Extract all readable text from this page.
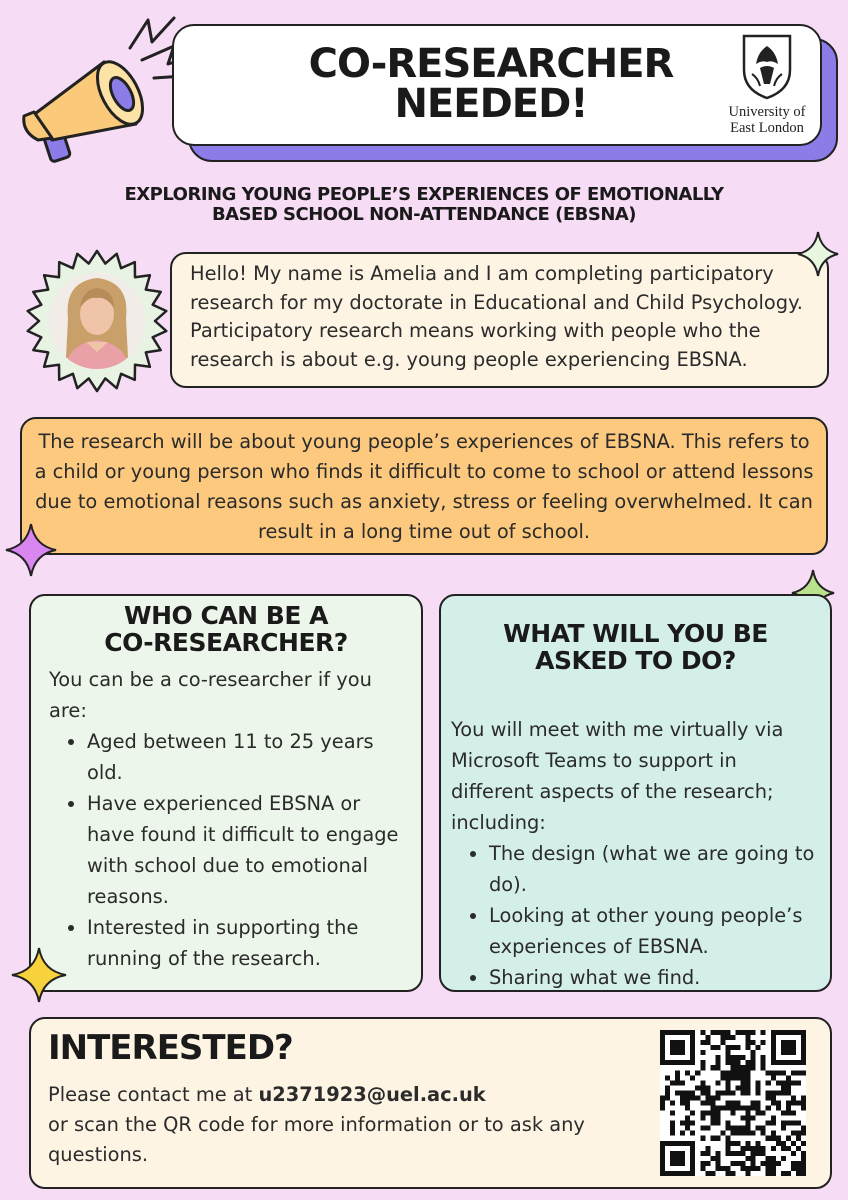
CO-RESEARCHER
NEEDED!	University of
East London
EXPLORING YOUNG PEOPLE’S EXPERIENCES OF EMOTIONALLY
BASED SCHOOL NON-ATTENDANCE (EBSNA)
Hello! My name is Amelia and I am completing participatory research for my doctorate in Educational and Child Psychology. Participatory research means working with people who the research is about e.g. young people experiencing EBSNA.
The research will be about young people’s experiences of EBSNA. This refers to a child or young person who finds it difficult to come to school or attend lessons due to emotional reasons such as anxiety, stress or feeling overwhelmed. It can result in a long time out of school.
WHO CAN BE A
CO-RESEARCHER?
You can be a co-researcher if you are:
• Aged between 11 to 25 years old.
• Have experienced EBSNA or have found it difficult to engage with school due to emotional reasons.
• Interested in supporting the running of the research.
WHAT WILL YOU BE
ASKED TO DO?
You will meet with me virtually via Microsoft Teams to support in different aspects of the research; including:
• The design (what we are going to do).
• Looking at other young people’s experiences of EBSNA.
• Sharing what we find.
INTERESTED?
Please contact me at u2371923@uel.ac.uk
or scan the QR code for more information or to ask any questions.
